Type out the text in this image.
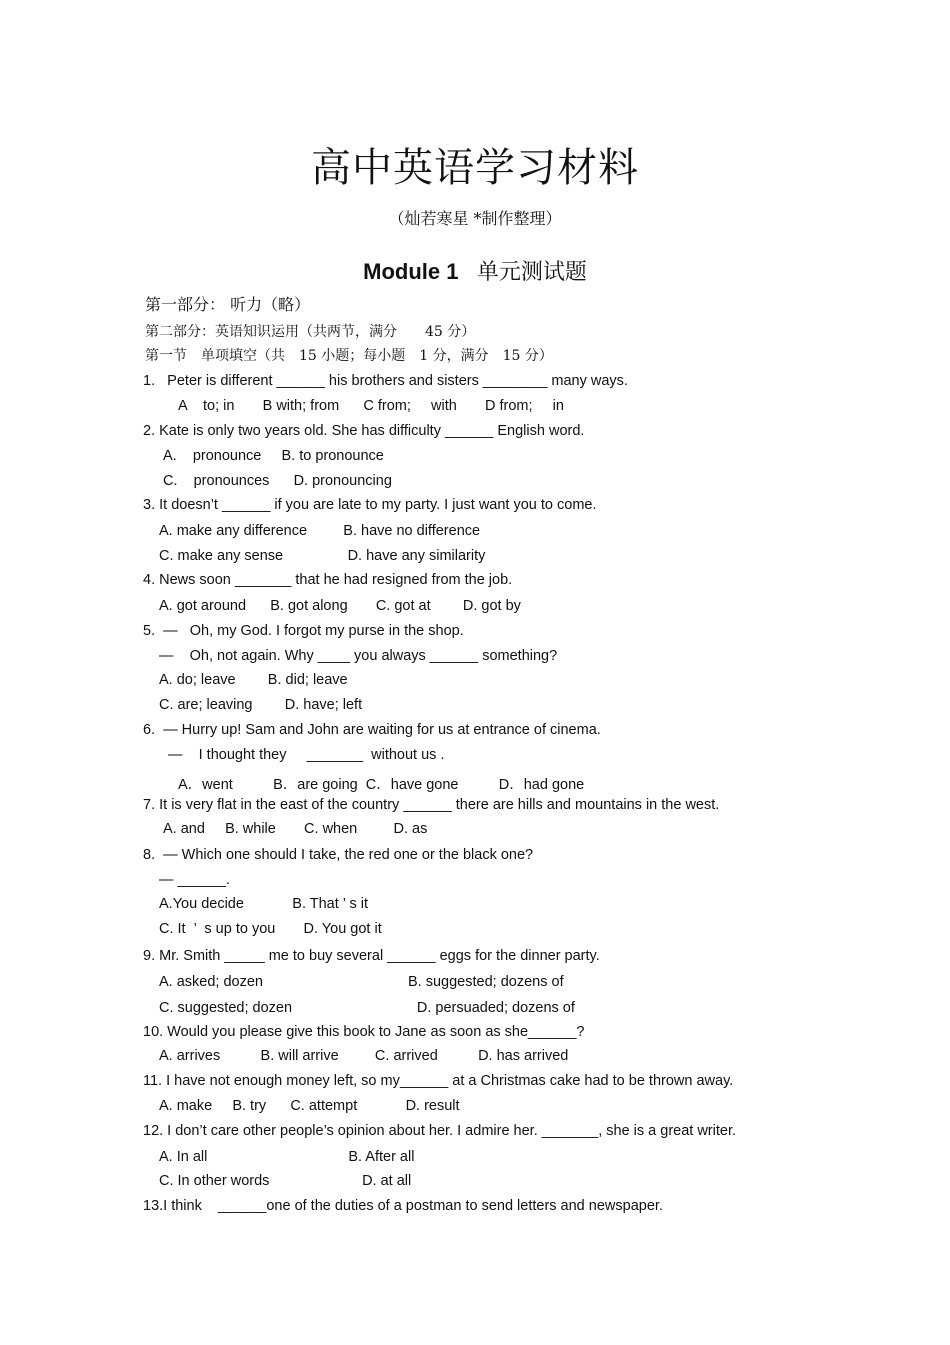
高中英语学习材料
（灿若寒星 *制作整理）
Module 1 单元测试题
第一部分： 听力（略）
第二部分：英语知识运用（共两节，满分　　45 分）
第一节　单项填空（共　15 小题；每小题　1 分，满分　15 分）
1.   Peter is different ______ his brothers and sisters ________ many ways.
A    to; in       B with; from      C from;     with       D from;     in
2. Kate is only two years old. She has difficulty ______ English word.
A.    pronounce     B. to pronounce
C.    pronounces      D. pronouncing
3. It doesn’t ______ if you are late to my party. I just want you to come.
A. make any difference         B. have no difference
C. make any sense                D. have any similarity
4. News soon _______ that he had resigned from the job.
A. got around      B. got along       C. got at        D. got by
5.  —   Oh, my God. I forgot my purse in the shop.
—    Oh, not again. Why ____ you always ______ something?
A. do; leave        B. did; leave
C. are; leaving        D. have; left
6.  — Hurry up! Sam and John are waiting for us at entrance of cinema.
—    I thought they     _______  without us .
A．went          B．are going  C．have gone          D．had gone
7. It is very flat in the east of the country ______ there are hills and mountains in the west.
A. and     B. while       C. when         D. as
8.  — Which one should I take, the red one or the black one?
— ______.
A.You decide            B. That ’ s it
C. It  ’  s up to you       D. You got it
9. Mr. Smith _____ me to buy several ______ eggs for the dinner party.
A. asked; dozen                                    B. suggested; dozens of
C. suggested; dozen                               D. persuaded; dozens of
10. Would you please give this book to Jane as soon as she______?
A. arrives          B. will arrive         C. arrived          D. has arrived
11. I have not enough money left, so my______ at a Christmas cake had to be thrown away.
A. make     B. try      C. attempt            D. result
12. I don’t care other people’s opinion about her. I admire her. _______, she is a great writer.
A. In all                                   B. After all
C. In other words                       D. at all
13.I think    ______one of the duties of a postman to send letters and newspaper.
